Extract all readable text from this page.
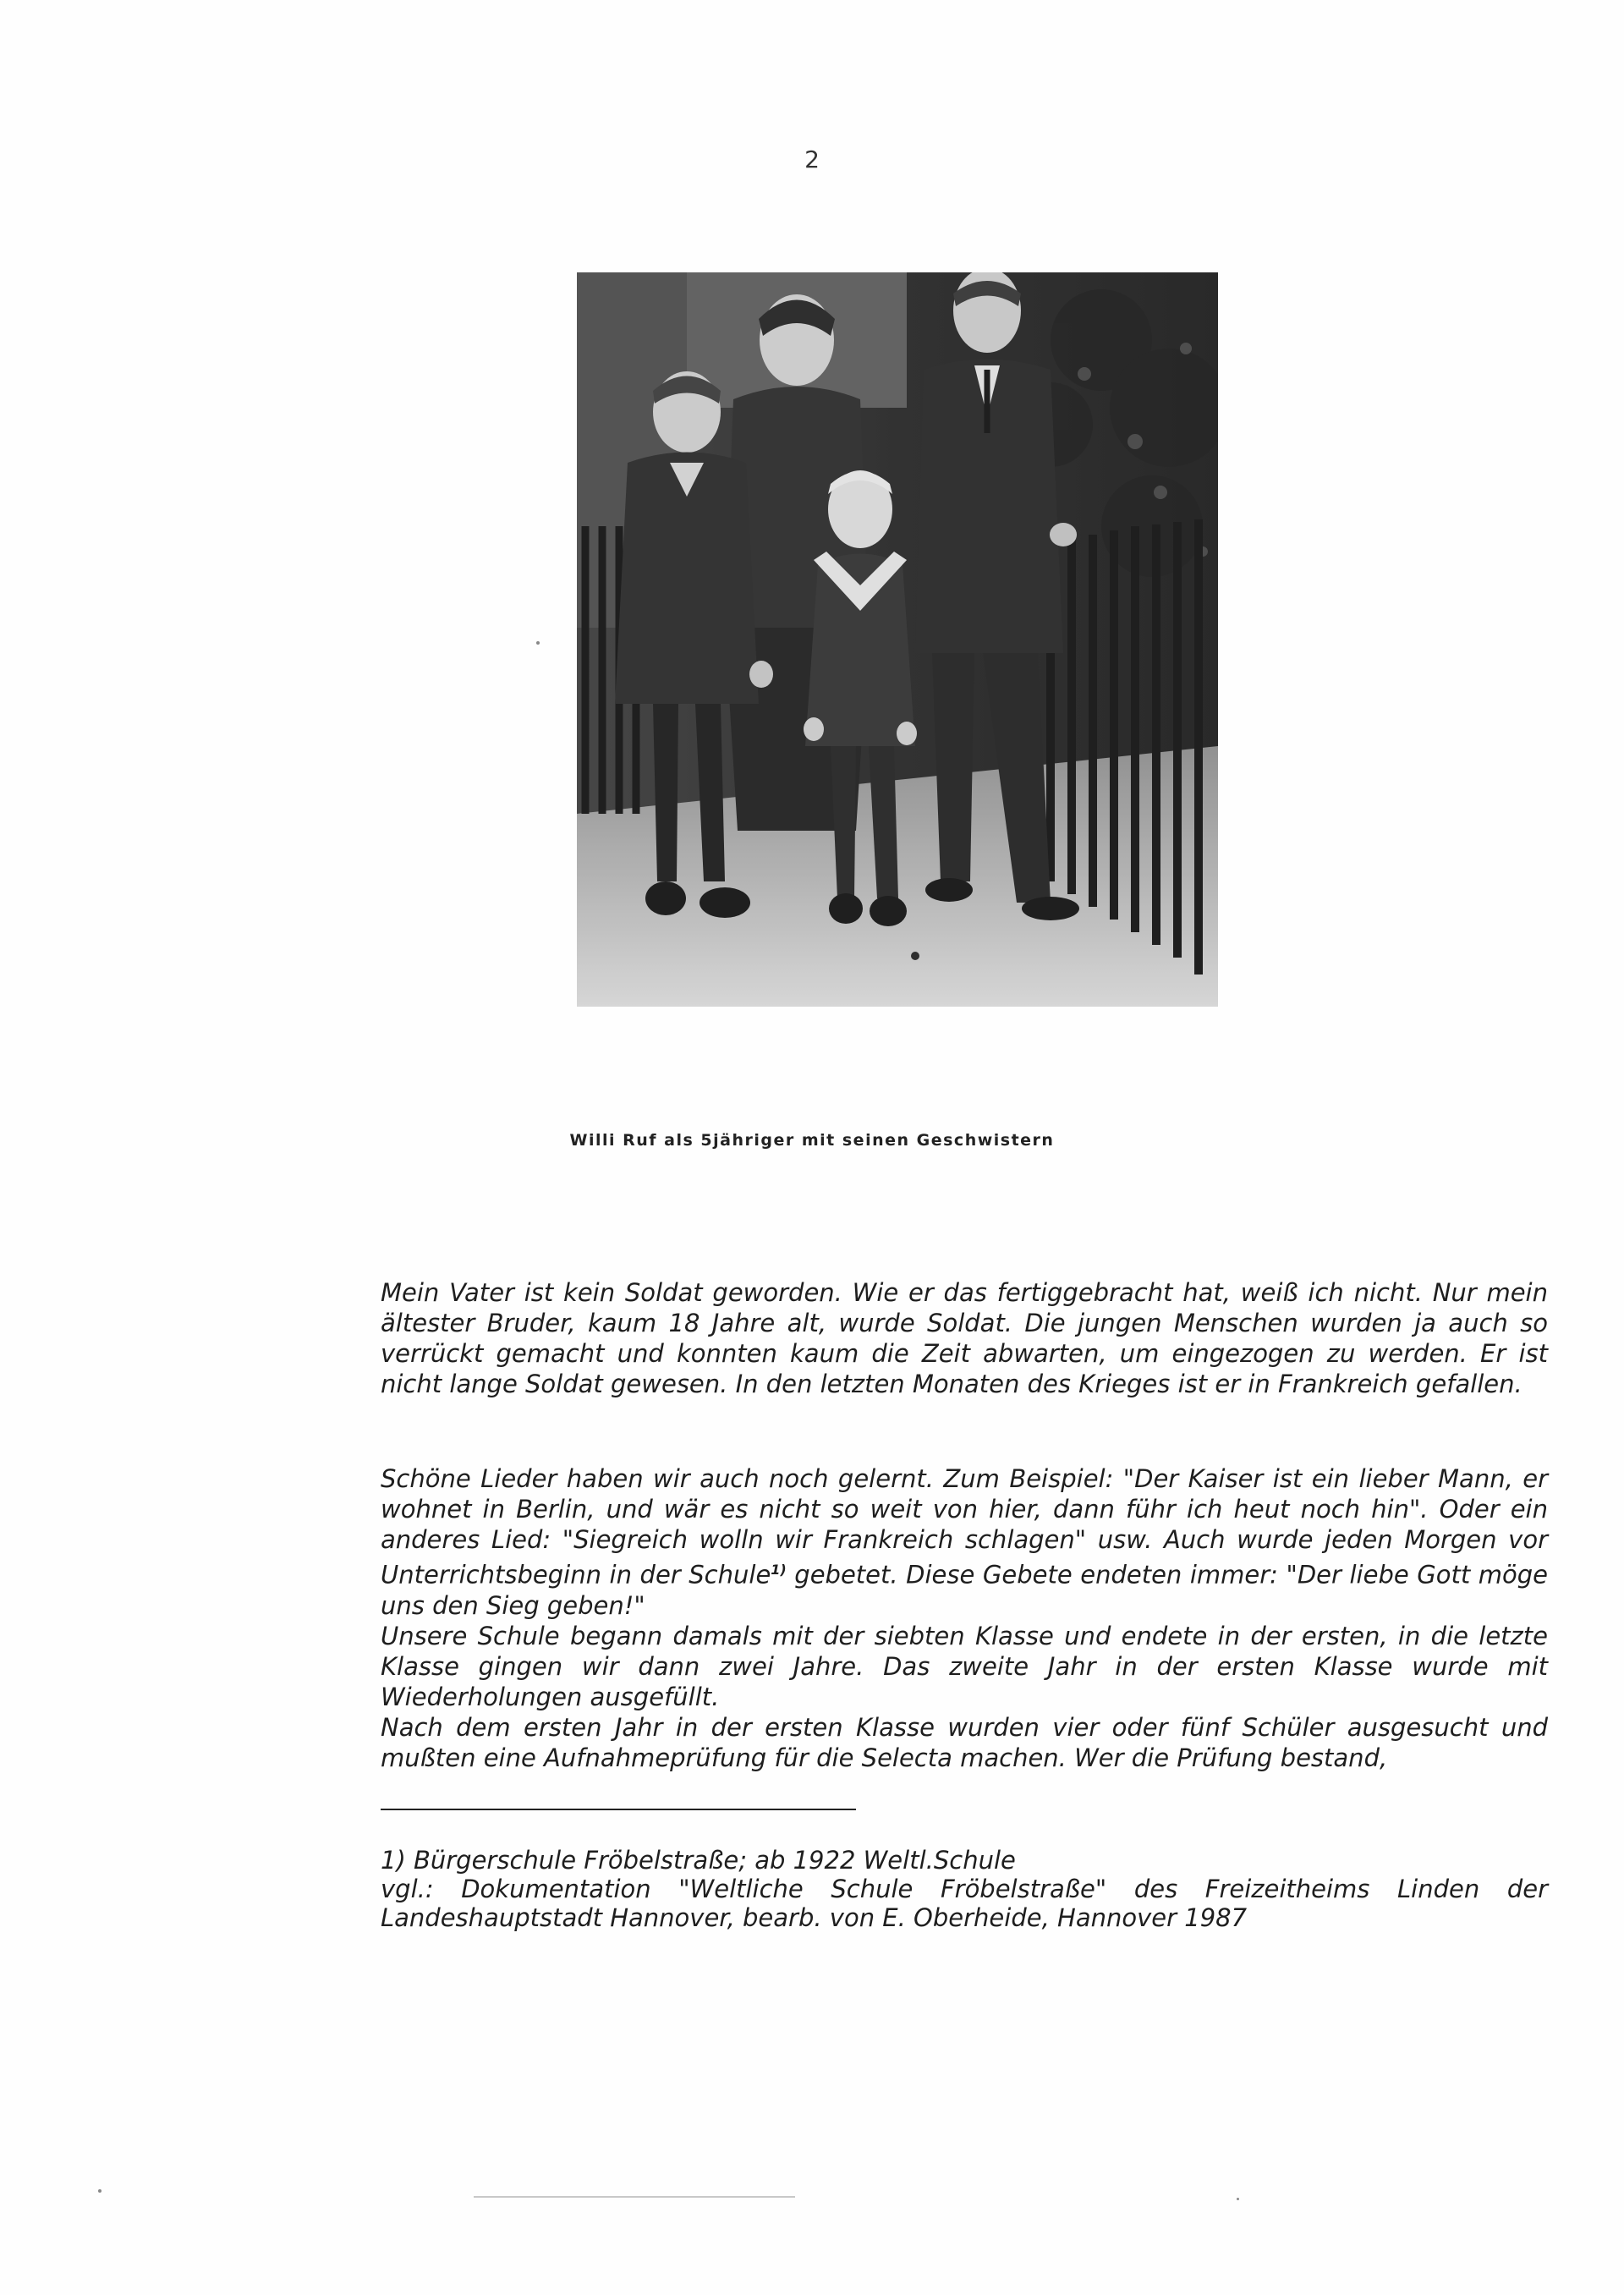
2
Willi Ruf als 5jähriger mit seinen Geschwistern

Mein Vater ist kein Soldat geworden. Wie er das fertiggebracht hat, weiß ich nicht. Nur mein ältester Bruder, kaum 18 Jahre alt, wurde Soldat. Die jungen Menschen wurden ja auch so verrückt gemacht und konnten kaum die Zeit abwarten, um eingezogen zu werden. Er ist nicht lange Soldat gewesen. In den letzten Monaten des Krieges ist er in Frankreich gefallen.

Schöne Lieder haben wir auch noch gelernt. Zum Beispiel: "Der Kaiser ist ein lieber Mann, er wohnet in Berlin, und wär es nicht so weit von hier, dann führ ich heut noch hin". Oder ein anderes Lied: "Siegreich wolln wir Frankreich schlagen" usw. Auch wurde jeden Morgen vor Unterrichtsbeginn in der Schule$^{1)}$ gebetet. Diese Gebete endeten immer: "Der liebe Gott möge uns den Sieg geben!"

Unsere Schule begann damals mit der siebten Klasse und endete in der ersten, in die letzte Klasse gingen wir dann zwei Jahre. Das zweite Jahr in der ersten Klasse wurde mit Wiederholungen ausgefüllt.

Nach dem ersten Jahr in der ersten Klasse wurden vier oder fünf Schüler ausgesucht und mußten eine Aufnahmeprüfung für die Selecta machen. Wer die Prüfung bestand,

1) Bürgerschule Fröbelstraße; ab 1922 Weltl.Schule

vgl.: Dokumentation "Weltliche Schule Fröbelstraße" des Freizeitheims Linden der Landeshauptstadt Hannover, bearb. von E. Oberheide, Hannover 1987
